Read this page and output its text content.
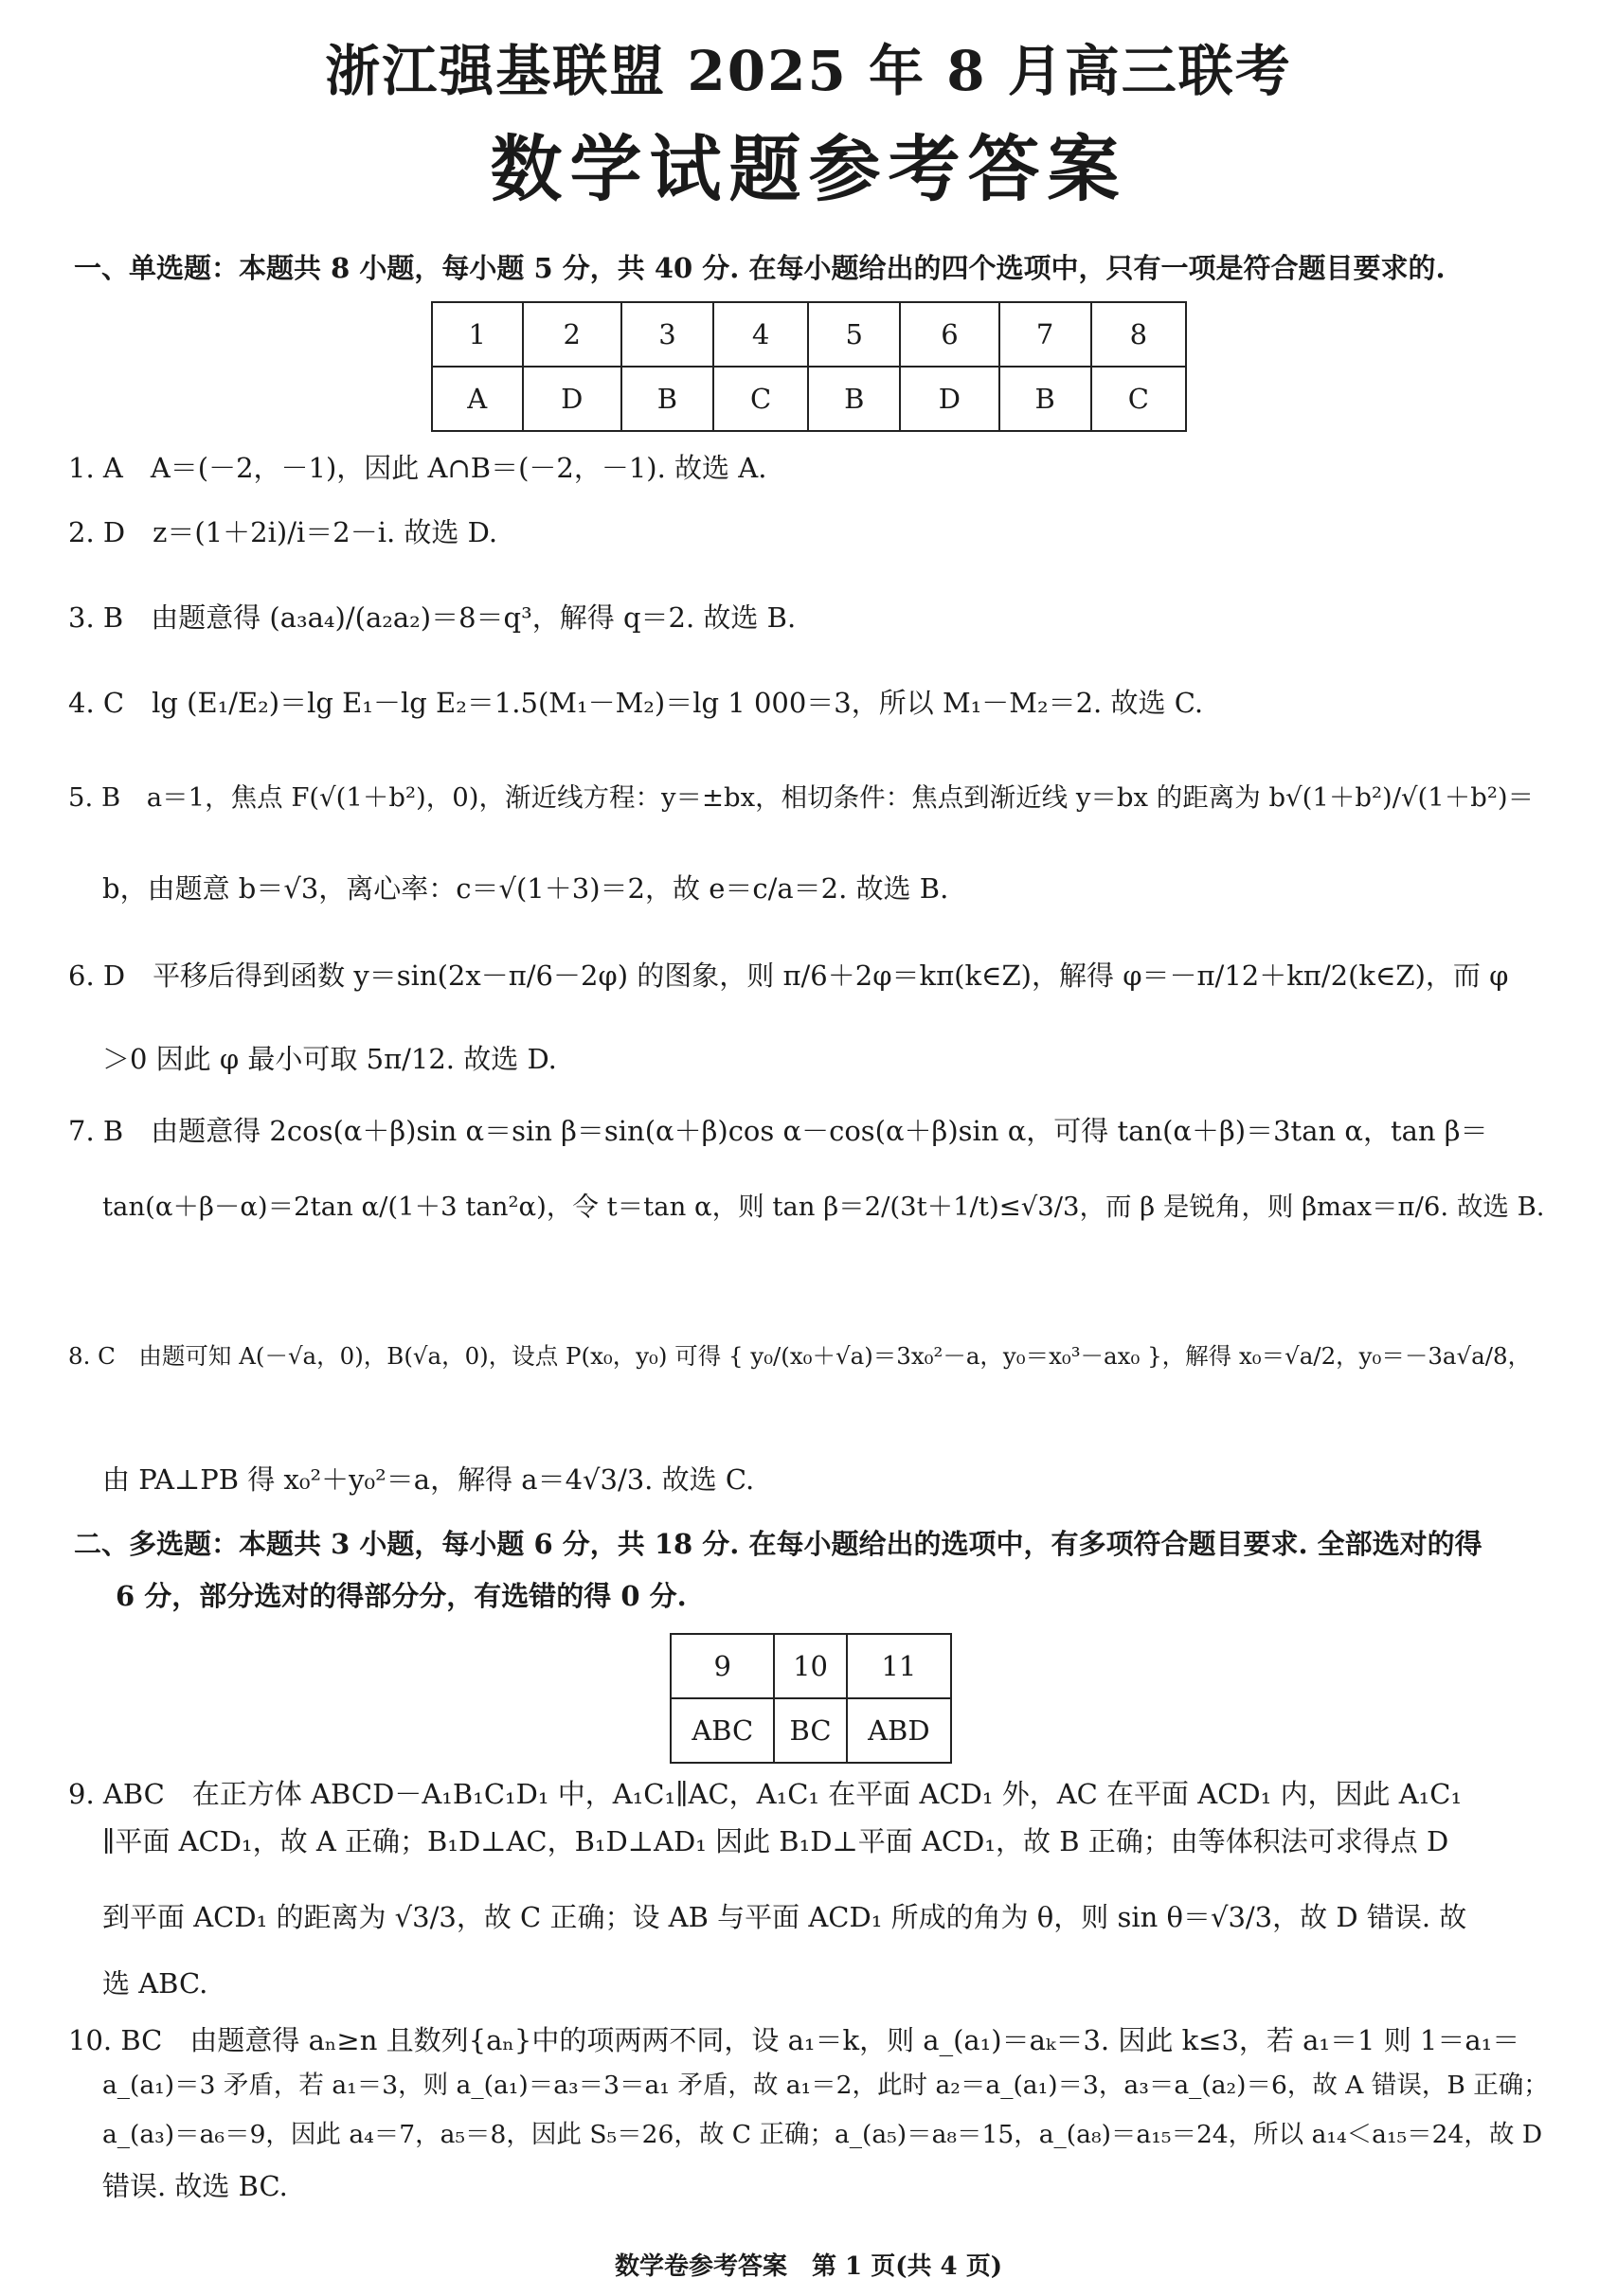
浙江强基联盟 2025 年 8 月高三联考
数学试题参考答案
一、单选题：本题共 8 小题，每小题 5 分，共 40 分. 在每小题给出的四个选项中，只有一项是符合题目要求的.
1	2	3	4	5	6	7	8
A	D	B	C	B	D	B	C
1. A　A＝(－2，－1)，因此 A∩B＝(－2，－1). 故选 A.
2. D　z＝(1＋2i)/i＝2－i. 故选 D.
3. B　由题意得 (a₃a₄)/(a₂a₂)＝8＝q³，解得 q＝2. 故选 B.
4. C　lg (E₁/E₂)＝lg E₁－lg E₂＝1.5(M₁－M₂)＝lg 1 000＝3，所以 M₁－M₂＝2. 故选 C.
5. B　a＝1，焦点 F(√(1＋b²)，0)，渐近线方程：y＝±bx，相切条件：焦点到渐近线 y＝bx 的距离为 b√(1＋b²)/√(1＋b²)＝
b，由题意 b＝√3，离心率：c＝√(1＋3)＝2，故 e＝c/a＝2. 故选 B.
6. D　平移后得到函数 y＝sin(2x－π/6－2φ) 的图象，则 π/6＋2φ＝kπ(k∈Z)，解得 φ＝－π/12＋kπ/2(k∈Z)，而 φ
＞0 因此 φ 最小可取 5π/12. 故选 D.
7. B　由题意得 2cos(α＋β)sin α＝sin β＝sin(α＋β)cos α－cos(α＋β)sin α，可得 tan(α＋β)＝3tan α，tan β＝
tan(α＋β－α)＝2tan α/(1＋3 tan²α)，令 t＝tan α，则 tan β＝2/(3t＋1/t)≤√3/3，而 β 是锐角，则 βmax＝π/6. 故选 B.
8. C　由题可知 A(－√a，0)，B(√a，0)，设点 P(x₀，y₀) 可得 { y₀/(x₀＋√a)＝3x₀²－a，y₀＝x₀³－ax₀ }，解得 x₀＝√a/2，y₀＝－3a√a/8，
由 PA⊥PB 得 x₀²＋y₀²＝a，解得 a＝4√3/3. 故选 C.
二、多选题：本题共 3 小题，每小题 6 分，共 18 分. 在每小题给出的选项中，有多项符合题目要求. 全部选对的得
6 分，部分选对的得部分分，有选错的得 0 分.
9	10	11
ABC	BC	ABD
9. ABC　在正方体 ABCD－A₁B₁C₁D₁ 中，A₁C₁∥AC，A₁C₁ 在平面 ACD₁ 外，AC 在平面 ACD₁ 内，因此 A₁C₁
∥平面 ACD₁，故 A 正确；B₁D⊥AC，B₁D⊥AD₁ 因此 B₁D⊥平面 ACD₁，故 B 正确；由等体积法可求得点 D
到平面 ACD₁ 的距离为 √3/3，故 C 正确；设 AB 与平面 ACD₁ 所成的角为 θ，则 sin θ＝√3/3，故 D 错误. 故
选 ABC.
10. BC　由题意得 aₙ≥n 且数列{aₙ}中的项两两不同，设 a₁＝k，则 a_(a₁)＝aₖ＝3. 因此 k≤3，若 a₁＝1 则 1＝a₁＝
a_(a₁)＝3 矛盾，若 a₁＝3，则 a_(a₁)＝a₃＝3＝a₁ 矛盾，故 a₁＝2，此时 a₂＝a_(a₁)＝3，a₃＝a_(a₂)＝6，故 A 错误，B 正确；
a_(a₃)＝a₆＝9，因此 a₄＝7，a₅＝8，因此 S₅＝26，故 C 正确；a_(a₅)＝a₈＝15，a_(a₈)＝a₁₅＝24，所以 a₁₄＜a₁₅＝24，故 D
错误. 故选 BC.
数学卷参考答案　第 1 页(共 4 页)
